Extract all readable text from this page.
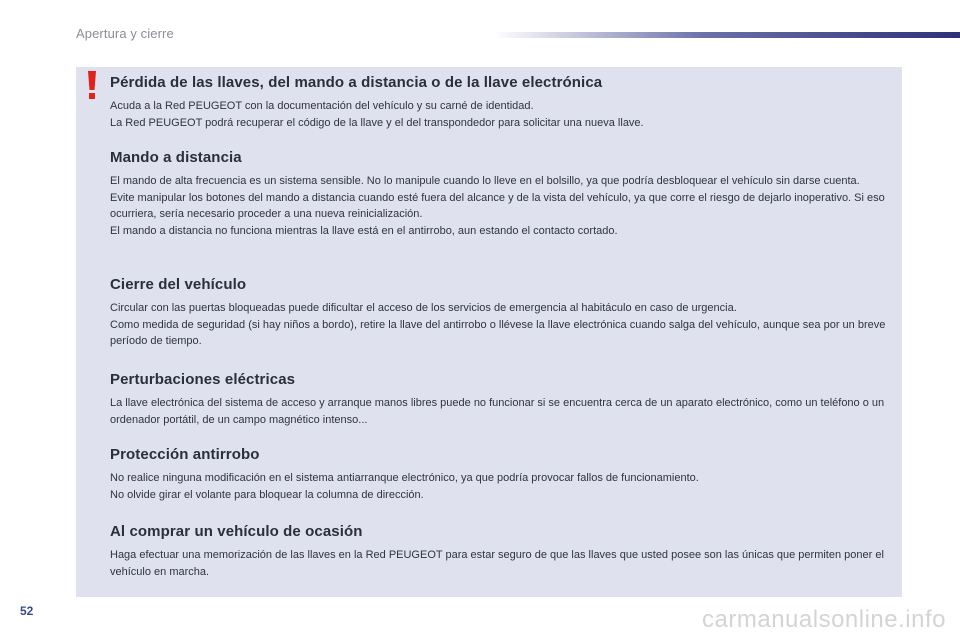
Apertura y cierre
Pérdida de las llaves, del mando a distancia o de la llave electrónica

Acuda a la Red PEUGEOT con la documentación del vehículo y su carné de identidad.

La Red PEUGEOT podrá recuperar el código de la llave y el del transpondedor para solicitar una nueva llave.

Mando a distancia

El mando de alta frecuencia es un sistema sensible. No lo manipule cuando lo lleve en el bolsillo, ya que podría desbloquear el vehículo sin darse cuenta.

Evite manipular los botones del mando a distancia cuando esté fuera del alcance y de la vista del vehículo, ya que corre el riesgo de dejarlo inoperativo. Si eso ocurriera, sería necesario proceder a una nueva reinicialización.

El mando a distancia no funciona mientras la llave está en el antirrobo, aun estando el contacto cortado.

Cierre del vehículo

Circular con las puertas bloqueadas puede dificultar el acceso de los servicios de emergencia al habitáculo en caso de urgencia.

Como medida de seguridad (si hay niños a bordo), retire la llave del antirrobo o llévese la llave electrónica cuando salga del vehículo, aunque sea por un breve período de tiempo.

Perturbaciones eléctricas

La llave electrónica del sistema de acceso y arranque manos libres puede no funcionar si se encuentra cerca de un aparato electrónico, como un teléfono o un ordenador portátil, de un campo magnético intenso...

Protección antirrobo

No realice ninguna modificación en el sistema antiarranque electrónico, ya que podría provocar fallos de funcionamiento.

No olvide girar el volante para bloquear la columna de dirección.

Al comprar un vehículo de ocasión

Haga efectuar una memorización de las llaves en la Red PEUGEOT para estar seguro de que las llaves que usted posee son las únicas que permiten poner el vehículo en marcha.

52	carmanualsonline.info
